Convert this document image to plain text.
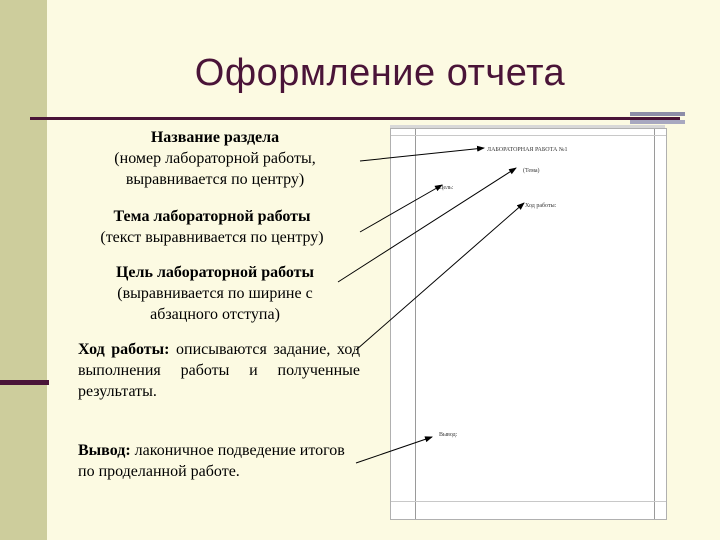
Оформление отчета
Название раздела
(номер лабораторной работы,
выравнивается по центру)
Тема лабораторной работы
(текст выравнивается по центру)
Цель лабораторной работы
(выравнивается по ширине с
абзацного отступа)
Ход работы: описываются задание, ход выполнения работы и полученные результаты.
Вывод: лаконичное подведение итогов по проделанной работе.
ЛАБОРАТОРНАЯ РАБОТА №1
(Тема)
Цель:
Ход работы:
Вывод:
